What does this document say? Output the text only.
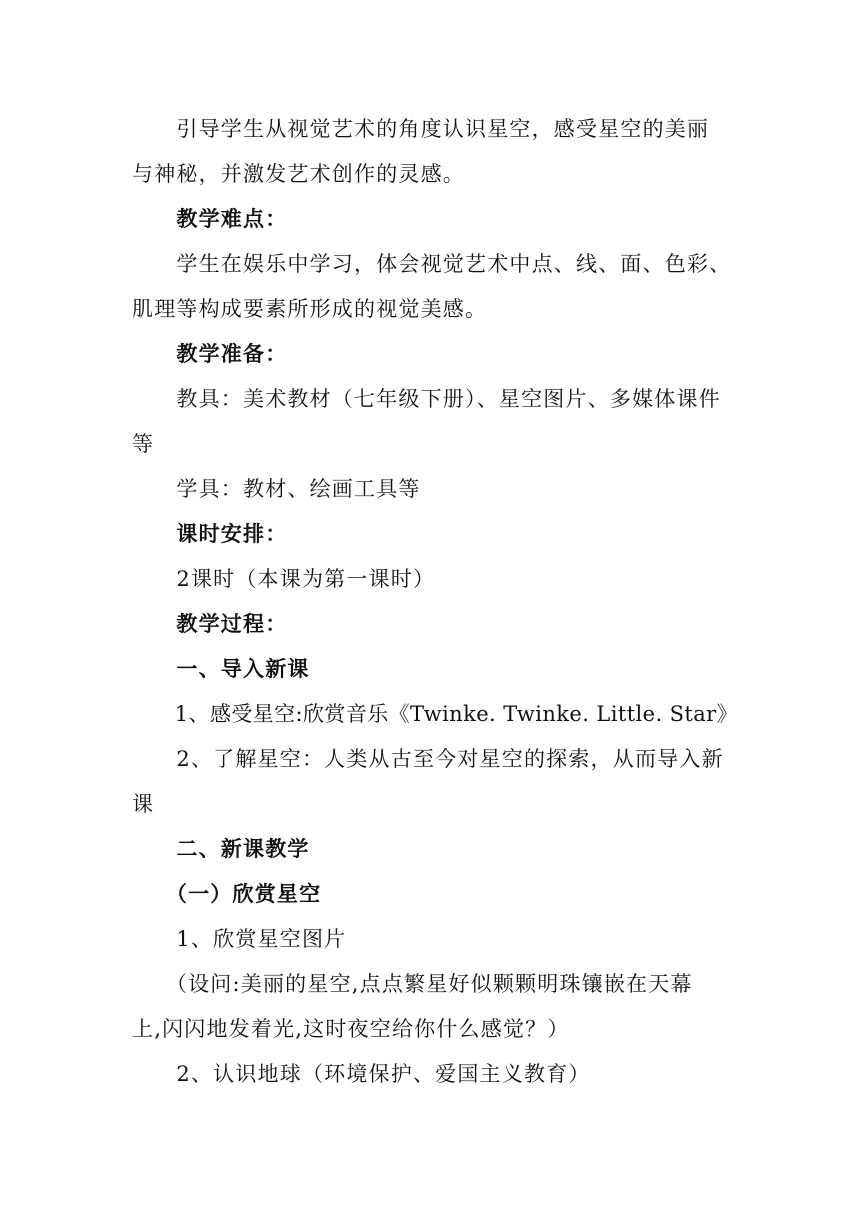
　　引导学生从视觉艺术的角度认识星空，感受星空的美丽
与神秘，并激发艺术创作的灵感。
　　教学难点：
　　学生在娱乐中学习，体会视觉艺术中点、线、面、色彩、
肌理等构成要素所形成的视觉美感。
　　教学准备：
　　教具：美术教材（七年级下册）、星空图片、多媒体课件
等
　　学具：教材、绘画工具等
　　课时安排：
　　2课时（本课为第一课时）
　　教学过程：
　　一、导入新课
　　1、感受星空:欣赏音乐《Twinke. Twinke. Little. Star》
　　2、了解星空：人类从古至今对星空的探索，从而导入新
课
　　二、新课教学
　　（一）欣赏星空
　　1、欣赏星空图片
　　（设问:美丽的星空,点点繁星好似颗颗明珠镶嵌在天幕
上,闪闪地发着光,这时夜空给你什么感觉？）
　　2、认识地球（环境保护、爱国主义教育）
